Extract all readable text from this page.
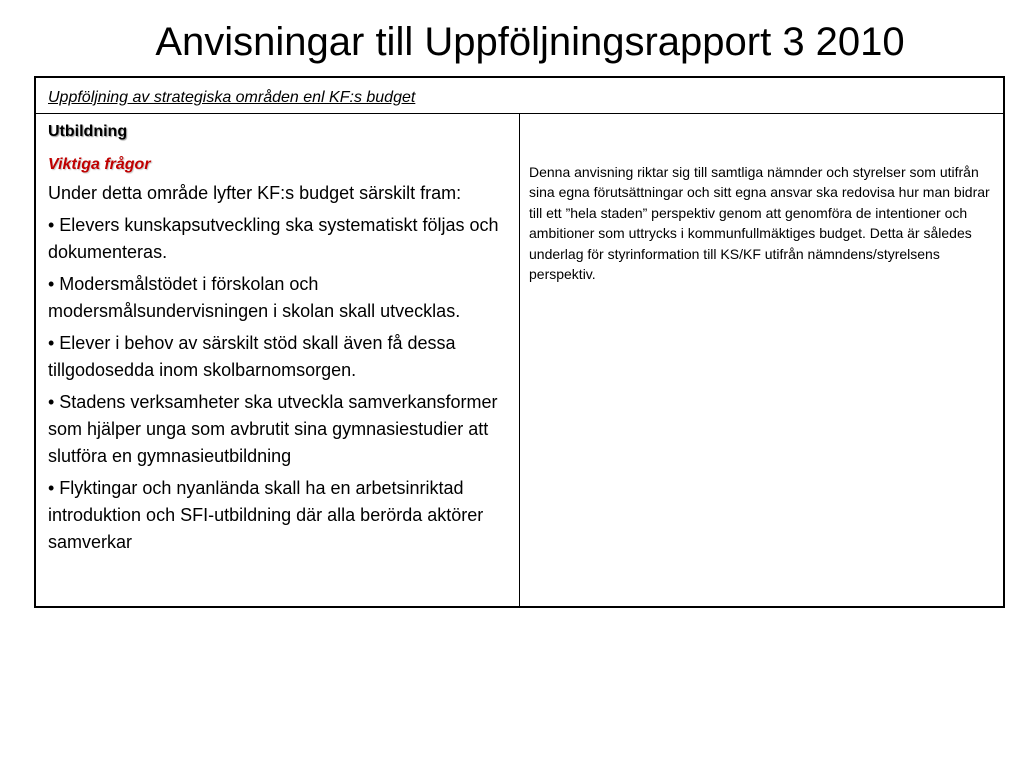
Anvisningar till Uppföljningsrapport 3 2010
Uppföljning av strategiska områden enl KF:s budget

Utbildning
Viktiga frågor

Under detta område lyfter KF:s budget särskilt fram:

• Elevers kunskapsutveckling ska systematiskt följas och dokumenteras.
• Modersmålstödet i förskolan och modersmålsundervisningen i skolan skall utvecklas.
• Elever i behov av särskilt stöd skall även få dessa tillgodosedda inom skolbarnomsorgen.
• Stadens verksamheter ska utveckla samverkansformer som hjälper unga som avbrutit sina gymnasiestudier att slutföra en gymnasieutbildning
• Flyktingar och nyanlända skall ha en arbetsinriktad introduktion och SFI-utbildning där alla berörda aktörer samverkar

Denna anvisning riktar sig till samtliga nämnder och styrelser som utifrån sina egna förutsättningar och sitt egna ansvar ska redovisa hur man bidrar till ett ”hela staden” perspektiv genom att genomföra de intentioner och ambitioner som uttrycks i kommunfullmäktiges budget. Detta är således underlag för styrinformation till KS/KF utifrån nämndens/styrelsens perspektiv.
